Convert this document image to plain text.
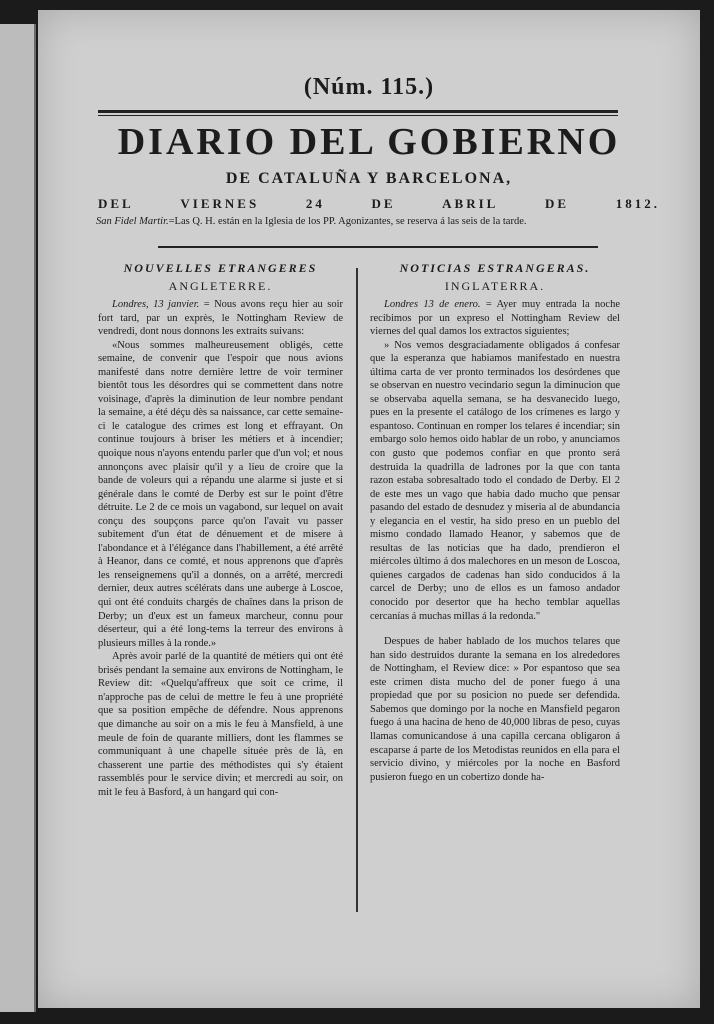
(Núm. 115.)
DIARIO DEL GOBIERNO
DE CATALUÑA Y BARCELONA,
DEL	VIERNES	24	DE	ABRIL	DE	1812.
San Fidel Martir.=Las Q. H. están en la Iglesia de los PP. Agonizantes, se reserva á las seis de la tarde.
NOUVELLES ETRANGERES
ANGLETERRE.

Londres, 13 janvier. = Nous avons reçu hier au soir fort tard, par un exprès, le Nottingham Review de vendredi, dont nous donnons les extraits suivans:

«Nous sommes malheureusement obligés, cette semaine, de convenir que l'espoir que nous avions manifesté dans notre dernière lettre de voir terminer bientôt tous les désordres qui se commettent dans notre voisinage, d'après la diminution de leur nombre pendant la semaine, a été déçu dès sa naissance, car cette semaine-ci le catalogue des crimes est long et effrayant. On continue toujours à briser les métiers et à incendier; quoique nous n'ayons entendu parler que d'un vol; et nous annonçons avec plaisir qu'il y a lieu de croire que la bande de voleurs qui a répandu une alarme si juste et si générale dans le comté de Derby est sur le point d'être détruite. Le 2 de ce mois un vagabond, sur lequel on avait conçu des soupçons parce qu'on l'avait vu passer subitement d'un état de dénuement et de misere à l'abondance et à l'élégance dans l'habillement, a été arrêté à Heanor, dans ce comté, et nous apprenons que d'après les renseignemens qu'il a donnés, on a arrêté, mercredi dernier, deux autres scélérats dans une auberge à Loscoe, qui ont été conduits chargés de chaînes dans la prison de Derby; un d'eux est un fameux marcheur, connu pour déserteur, qui a été long-tems la terreur des environs à plusieurs milles à la ronde.»

Après avoir parlé de la quantité de métiers qui ont été brisés pendant la semaine aux environs de Nottingham, le Review dit: «Quelqu'affreux que soit ce crime, il n'approche pas de celui de mettre le feu à une propriété que sa position empêche de défendre. Nous apprenons que dimanche au soir on a mis le feu à Mansfield, à une meule de foin de quarante milliers, dont les flammes se communiquant à une chapelle située près de là, en chasserent une partie des méthodistes qui s'y étaient rassemblés pour le service divin; et mercredi au soir, on mit le feu à Basford, à un hangard qui con-

NOTICIAS ESTRANGERAS.
INGLATERRA.

Londres 13 de enero. = Ayer muy entrada la noche recibimos por un expreso el Nottingham Review del viernes del qual damos los extractos siguientes;

» Nos vemos desgraciadamente obligados á confesar que la esperanza que habiamos manifestado en nuestra última carta de ver pronto terminados los desórdenes que se observan en nuestro vecindario segun la diminucion que se observaba aquella semana, se ha desvanecido luego, pues en la presente el catálogo de los crímenes es largo y espantoso. Continuan en romper los telares é incendiar; sin embargo solo hemos oido hablar de un robo, y anunciamos con gusto que podemos confiar en que pronto será destruida la quadrilla de ladrones por la que con tanta razon estaba sobresaltado todo el condado de Derby. El 2 de este mes un vago que habia dado mucho que pensar pasando del estado de desnudez y miseria al de abundancia y elegancia en el vestir, ha sido preso en un pueblo del mismo condado llamado Heanor, y sabemos que de resultas de las noticias que ha dado, prendieron el miércoles último á dos malechores en un meson de Loscoa, quienes cargados de cadenas han sido conducidos á la carcel de Derby; uno de ellos es un famoso andador conocido por desertor que ha hecho temblar aquellas cercanías á muchas millas á la redonda."

Despues de haber hablado de los muchos telares que han sido destruidos durante la semana en los alrededores de Nottingham, el Review dice: » Por espantoso que sea este crimen dista mucho del de poner fuego á una propiedad que por su posicion no puede ser defendida. Sabemos que domingo por la noche en Mansfield pegaron fuego á una hacina de heno de 40,000 libras de peso, cuyas llamas comunicandose á una capilla cercana obligaron á escaparse á parte de los Metodistas reunidos en ella para el servicio divino, y miércoles por la noche en Basford pusieron fuego en un cobertizo donde ha-
